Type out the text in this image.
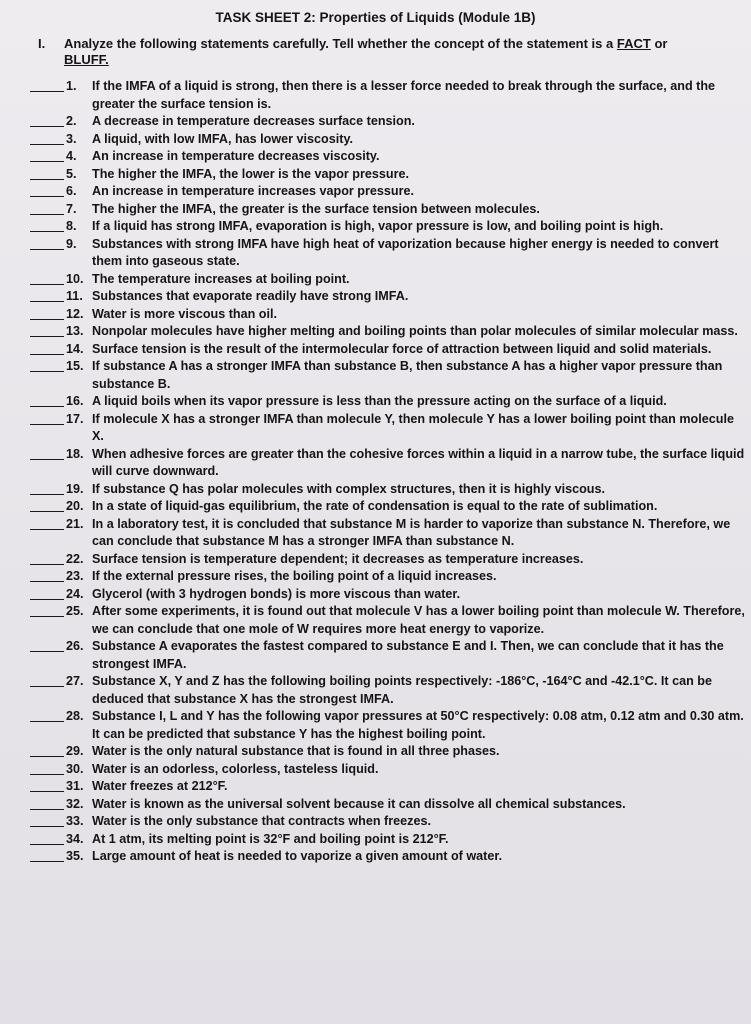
TASK SHEET 2: Properties of Liquids (Module 1B)
I. Analyze the following statements carefully. Tell whether the concept of the statement is a FACT or
BLUFF.
1.	If the IMFA of a liquid is strong, then there is a lesser force needed to break through the surface, and the greater the surface tension is.
2.	A decrease in temperature decreases surface tension.
3.	A liquid, with low IMFA, has lower viscosity.
4.	An increase in temperature decreases viscosity.
5.	The higher the IMFA, the lower is the vapor pressure.
6.	An increase in temperature increases vapor pressure.
7.	The higher the IMFA, the greater is the surface tension between molecules.
8.	If a liquid has strong IMFA, evaporation is high, vapor pressure is low, and boiling point is high.
9.	Substances with strong IMFA have high heat of vaporization because higher energy is needed to convert them into gaseous state.
10. The temperature increases at boiling point.
11. Substances that evaporate readily have strong IMFA.
12. Water is more viscous than oil.
13. Nonpolar molecules have higher melting and boiling points than polar molecules of similar molecular mass.
14. Surface tension is the result of the intermolecular force of attraction between liquid and solid materials.
15. If substance A has a stronger IMFA than substance B, then substance A has a higher vapor pressure than substance B.
16. A liquid boils when its vapor pressure is less than the pressure acting on the surface of a liquid.
17. If molecule X has a stronger IMFA than molecule Y, then molecule Y has a lower boiling point than molecule X.
18. When adhesive forces are greater than the cohesive forces within a liquid in a narrow tube, the surface liquid will curve downward.
19. If substance Q has polar molecules with complex structures, then it is highly viscous.
20. In a state of liquid-gas equilibrium, the rate of condensation is equal to the rate of sublimation.
21. In a laboratory test, it is concluded that substance M is harder to vaporize than substance N. Therefore, we can conclude that substance M has a stronger IMFA than substance N.
22. Surface tension is temperature dependent; it decreases as temperature increases.
23. If the external pressure rises, the boiling point of a liquid increases.
24. Glycerol (with 3 hydrogen bonds) is more viscous than water.
25. After some experiments, it is found out that molecule V has a lower boiling point than molecule W. Therefore, we can conclude that one mole of W requires more heat energy to vaporize.
26. Substance A evaporates the fastest compared to substance E and I. Then, we can conclude that it has the strongest IMFA.
27. Substance X, Y and Z has the following boiling points respectively: -186°C, -164°C and -42.1°C. It can be deduced that substance X has the strongest IMFA.
28. Substance I, L and Y has the following vapor pressures at 50°C respectively: 0.08 atm, 0.12 atm and 0.30 atm. It can be predicted that substance Y has the highest boiling point.
29. Water is the only natural substance that is found in all three phases.
30. Water is an odorless, colorless, tasteless liquid.
31. Water freezes at 212°F.
32. Water is known as the universal solvent because it can dissolve all chemical substances.
33. Water is the only substance that contracts when freezes.
34. At 1 atm, its melting point is 32°F and boiling point is 212°F.
35. Large amount of heat is needed to vaporize a given amount of water.
